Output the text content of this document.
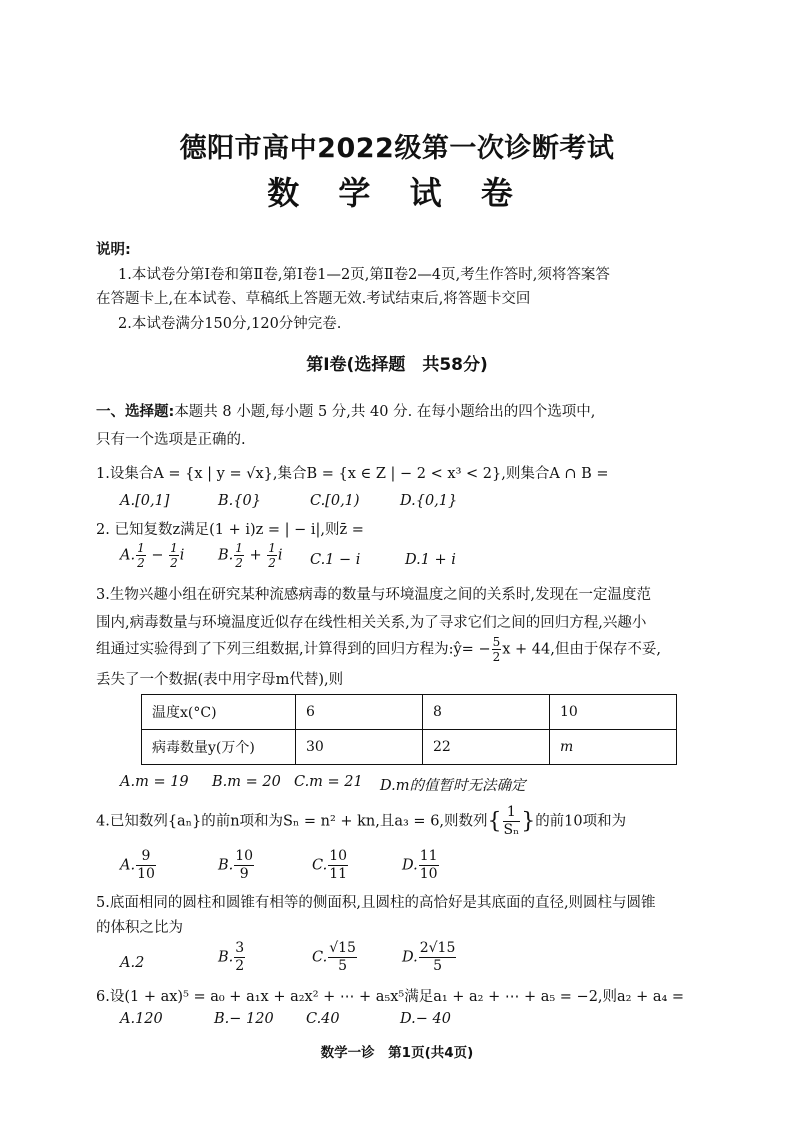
德阳市高中2022级第一次诊断考试
数 学 试 卷
说明:
1.本试卷分第Ⅰ卷和第Ⅱ卷,第Ⅰ卷1—2页,第Ⅱ卷2—4页,考生作答时,须将答案答
在答题卡上,在本试卷、草稿纸上答题无效.考试结束后,将答题卡交回
2.本试卷满分150分,120分钟完卷.
第Ⅰ卷(选择题　共58分)
一、选择题:本题共 8 小题,每小题 5 分,共 40 分. 在每小题给出的四个选项中,
只有一个选项是正确的.
1.设集合A = {x | y = √x},集合B = {x ∈ Z | − 2 < x³ < 2},则集合A ∩ B =
A.[0,1]	B.{0}	C.[0,1)	D.{0,1}
2. 已知复数z满足(1 + i)z = | − i|,则z̄ =
A. $\frac{1}{2} - \frac{1}{2}$ i B. $\frac{1}{2} + \frac{1}{2}$ i C.1 − i	D.1 + i
3.生物兴趣小组在研究某种流感病毒的数量与环境温度之间的关系时,发现在一定温度范
围内,病毒数量与环境温度近似存在线性相关关系,为了寻求它们之间的回归方程,兴趣小
组通过实验得到了下列三组数据,计算得到的回归方程为:ŷ= − $\frac{5}{2}$ x + 44,但由于保存不妥,
丢失了一个数据(表中用字母m代替),则
温度x(°C)	6	8	10
病毒数量y(万个)	30	22	m
A.m = 19 B.m = 20 C.m = 21 D.m的值暂时无法确定
4.已知数列{aₙ}的前n项和为Sₙ = n² + kn,且a₃ = 6,则数列{ $\frac{1}{\text{Sₙ}}$ }的前10项和为
A. $\frac{9}{10}$	B. $\frac{10}{9}$	C. $\frac{10}{11}$	D. $\frac{11}{10}$
5.底面相同的圆柱和圆锥有相等的侧面积,且圆柱的高恰好是其底面的直径,则圆柱与圆锥
的体积之比为
A.2	B. $\frac{3}{2}$	C. $\frac{√15}{5}$	D. $\frac{2√15}{5}$
6.设(1 + ax)⁵ = a₀ + a₁x + a₂x² + ⋯ + a₅x⁵满足a₁ + a₂ + ⋯ + a₅ = −2,则a₂ + a₄ =
A.120	B.− 120 C.40	D.− 40
数学一诊　第1页(共4页)
